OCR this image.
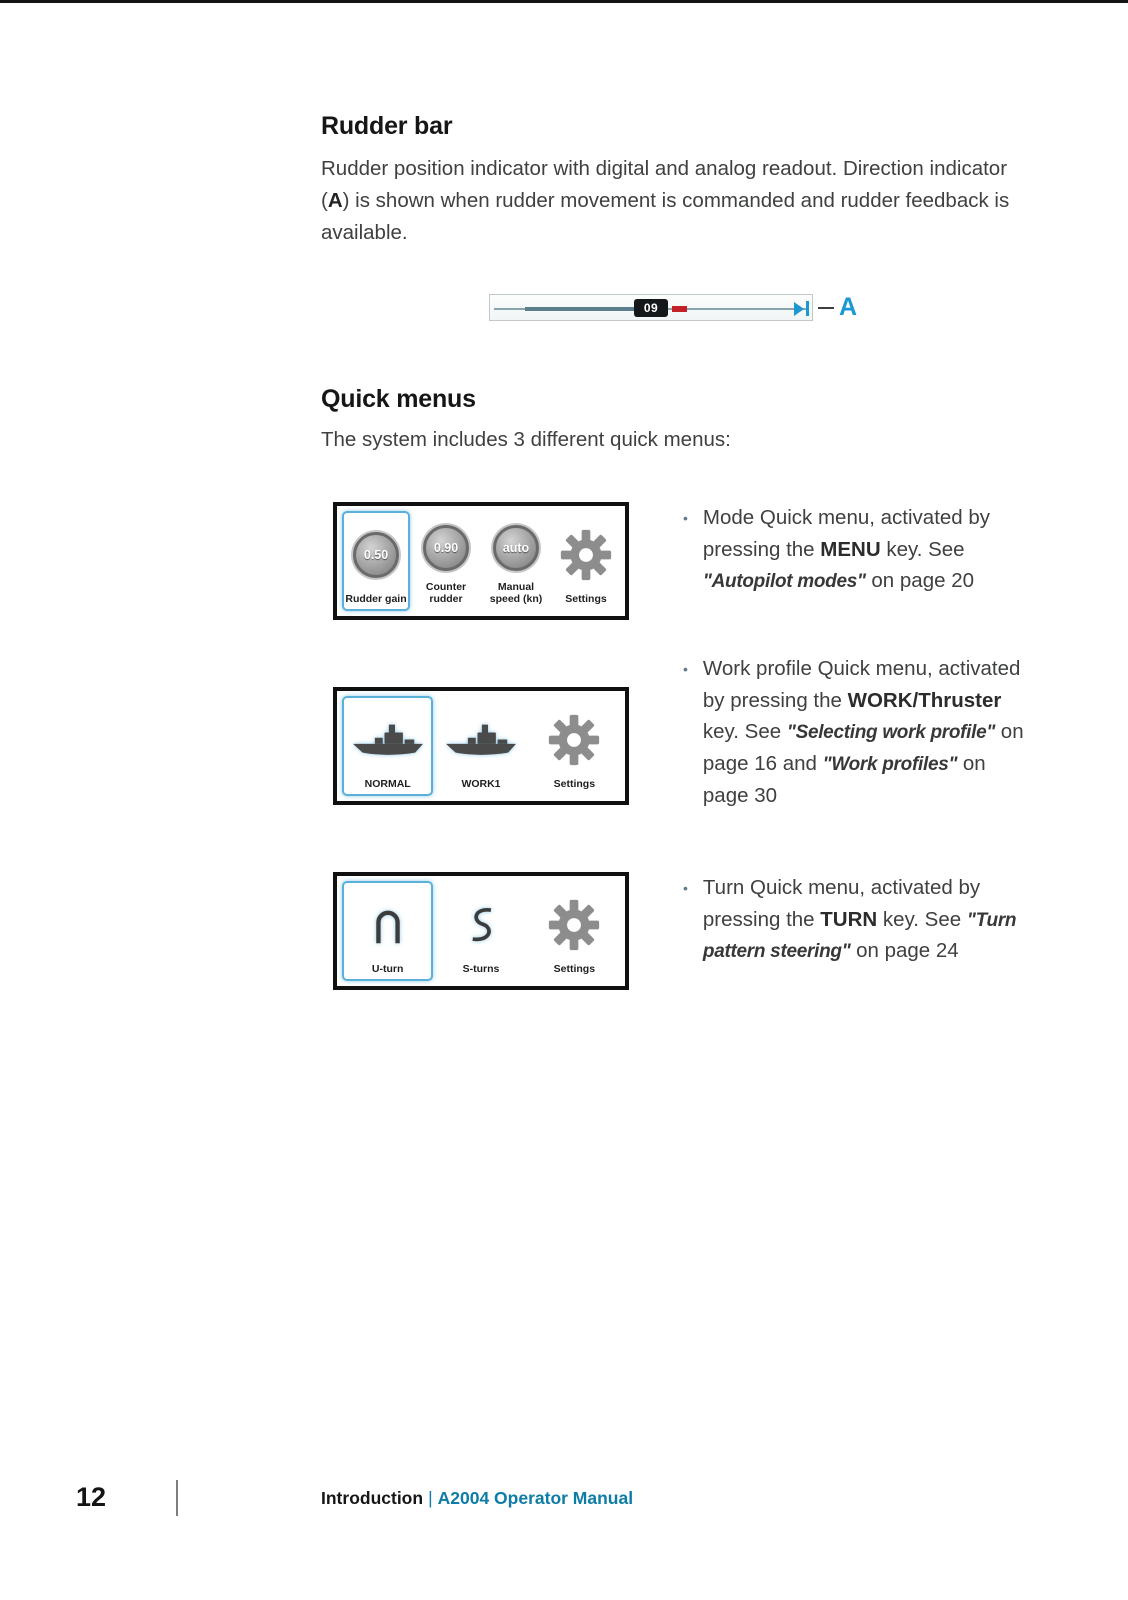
Rudder bar

Rudder position indicator with digital and analog readout. Direction indicator (A) is shown when rudder movement is commanded and rudder feedback is available.

09	A
Quick menus

The system includes 3 different quick menus:

0.50
Rudder gain
0.90
Counter rudder
auto
Manual speed (kn)	Settings
• Mode Quick menu, activated by pressing the MENU key. See "Autopilot modes" on page 20

NORMAL	WORK1	Settings
• Work profile Quick menu, activated by pressing the WORK/Thruster key. See "Selecting work profile" on page 16 and "Work profiles" on page 30

U-turn	S-turns	Settings
• Turn Quick menu, activated by pressing the TURN key. See "Turn pattern steering" on page 24

12	Introduction | A2004 Operator Manual
